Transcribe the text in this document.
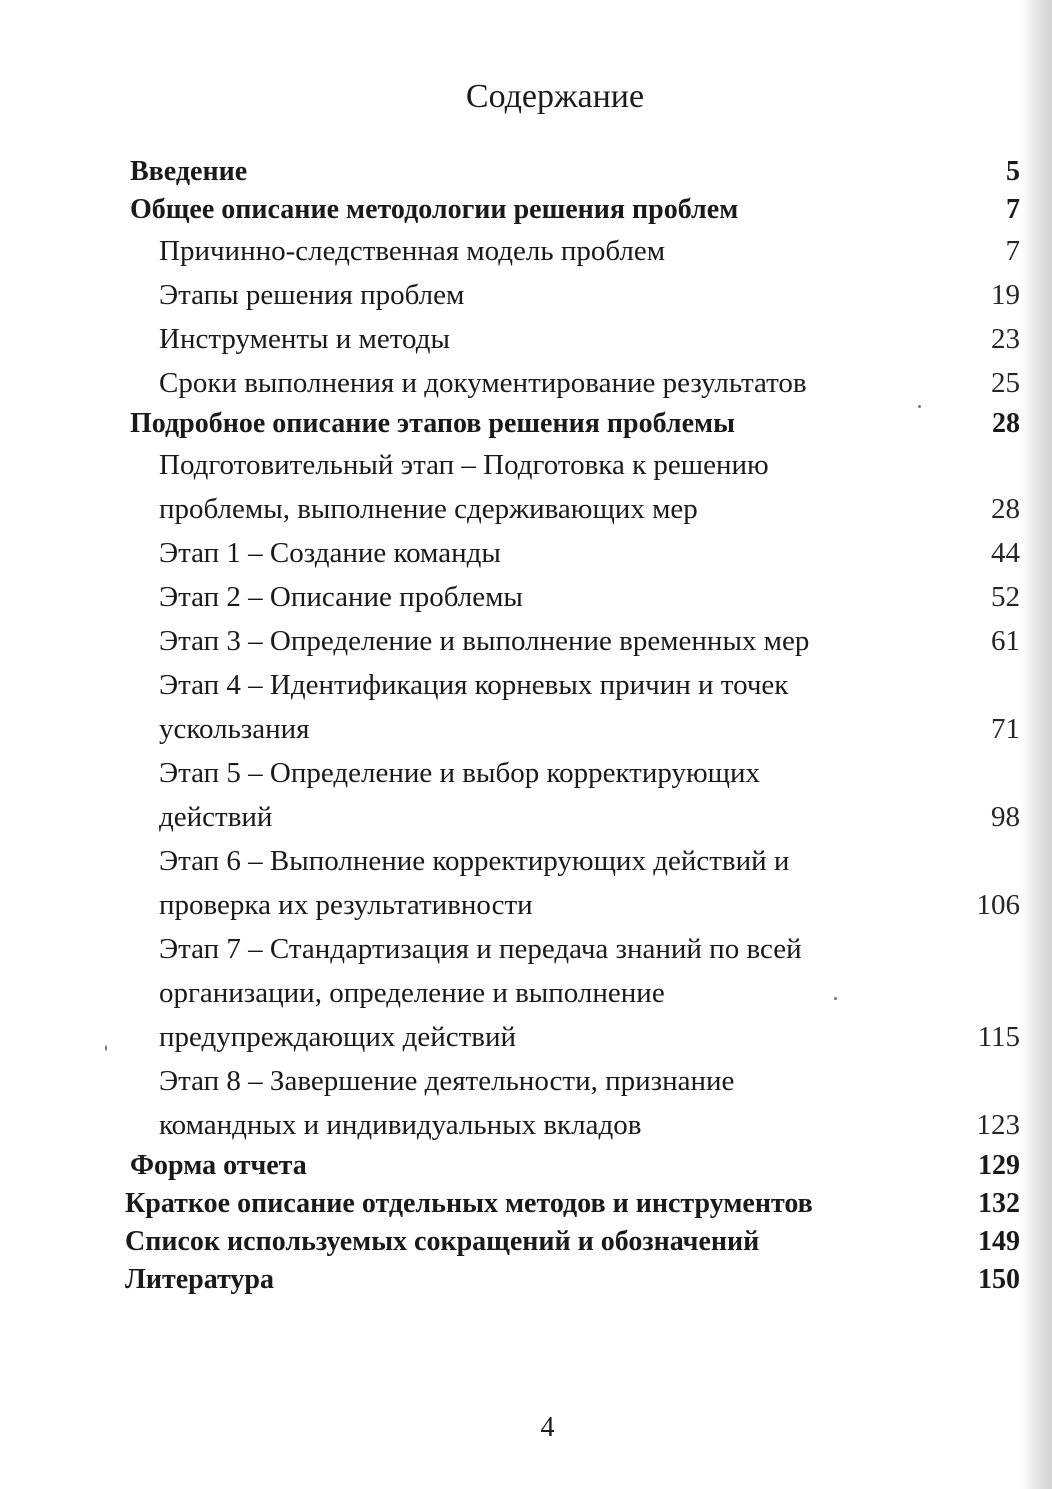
Содержание
Введение	5
Общее описание методологии решения проблем	7
Причинно-следственная модель проблем	7
Этапы решения проблем	19
Инструменты и методы	23
Сроки выполнения и документирование результатов	25
Подробное описание этапов решения проблемы	28
Подготовительный этап – Подготовка к решению
проблемы, выполнение сдерживающих мер	28
Этап 1 – Создание команды	44
Этап 2 – Описание проблемы	52
Этап 3 – Определение и выполнение временных мер	61
Этап 4 – Идентификация корневых причин и точек
ускользания	71
Этап 5 – Определение и выбор корректирующих
действий	98
Этап 6 – Выполнение корректирующих действий и
проверка их результативности	106
Этап 7 – Стандартизация и передача знаний по всей
организации, определение и выполнение
предупреждающих действий	115
Этап 8 – Завершение деятельности, признание
командных и индивидуальных вкладов	123
Форма отчета	129
Краткое описание отдельных методов и инструментов	132
Список используемых сокращений и обозначений	149
Литература	150
4
